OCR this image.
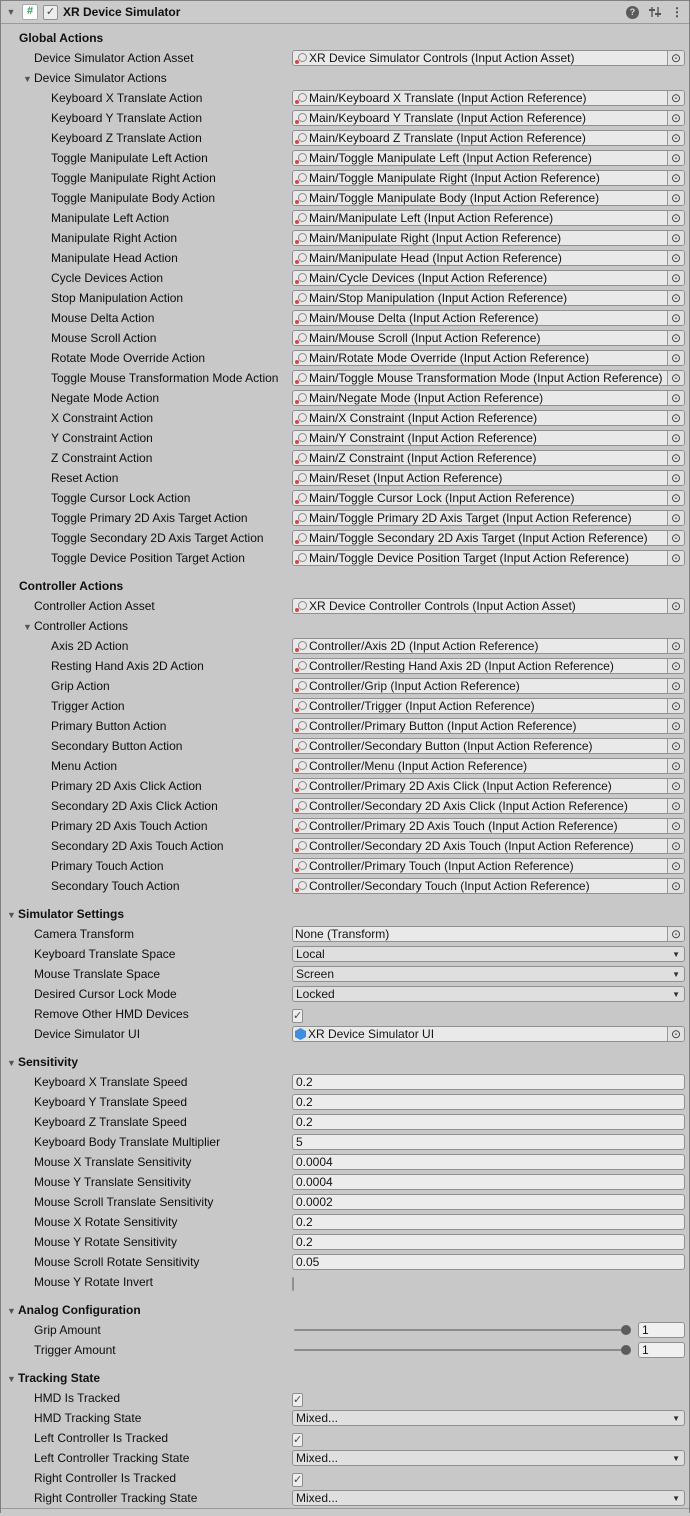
▼	#	✓ XR Device Simulator	?	⋮
Global Actions
Device Simulator Action Asset	XR Device Simulator Controls (Input Action Asset)	⊙
▼ Device Simulator Actions
Keyboard X Translate Action	Main/Keyboard X Translate (Input Action Reference)	⊙
Keyboard Y Translate Action	Main/Keyboard Y Translate (Input Action Reference)	⊙
Keyboard Z Translate Action	Main/Keyboard Z Translate (Input Action Reference)	⊙
Toggle Manipulate Left Action	Main/Toggle Manipulate Left (Input Action Reference)	⊙
Toggle Manipulate Right Action	Main/Toggle Manipulate Right (Input Action Reference)	⊙
Toggle Manipulate Body Action	Main/Toggle Manipulate Body (Input Action Reference)	⊙
Manipulate Left Action	Main/Manipulate Left (Input Action Reference)	⊙
Manipulate Right Action	Main/Manipulate Right (Input Action Reference)	⊙
Manipulate Head Action	Main/Manipulate Head (Input Action Reference)	⊙
Cycle Devices Action	Main/Cycle Devices (Input Action Reference)	⊙
Stop Manipulation Action	Main/Stop Manipulation (Input Action Reference)	⊙
Mouse Delta Action	Main/Mouse Delta (Input Action Reference)	⊙
Mouse Scroll Action	Main/Mouse Scroll (Input Action Reference)	⊙
Rotate Mode Override Action	Main/Rotate Mode Override (Input Action Reference)	⊙
Toggle Mouse Transformation Mode Action	Main/Toggle Mouse Transformation Mode (Input Action Reference) ⊙
Negate Mode Action	Main/Negate Mode (Input Action Reference)	⊙
X Constraint Action	Main/X Constraint (Input Action Reference)	⊙
Y Constraint Action	Main/Y Constraint (Input Action Reference)	⊙
Z Constraint Action	Main/Z Constraint (Input Action Reference)	⊙
Reset Action	Main/Reset (Input Action Reference)	⊙
Toggle Cursor Lock Action	Main/Toggle Cursor Lock (Input Action Reference)	⊙
Toggle Primary 2D Axis Target Action	Main/Toggle Primary 2D Axis Target (Input Action Reference)	⊙
Toggle Secondary 2D Axis Target Action	Main/Toggle Secondary 2D Axis Target (Input Action Reference)	⊙
Toggle Device Position Target Action	Main/Toggle Device Position Target (Input Action Reference)	⊙
Controller Actions
Controller Action Asset	XR Device Controller Controls (Input Action Asset)	⊙
▼ Controller Actions
Axis 2D Action	Controller/Axis 2D (Input Action Reference)	⊙
Resting Hand Axis 2D Action	Controller/Resting Hand Axis 2D (Input Action Reference)	⊙
Grip Action	Controller/Grip (Input Action Reference)	⊙
Trigger Action	Controller/Trigger (Input Action Reference)	⊙
Primary Button Action	Controller/Primary Button (Input Action Reference)	⊙
Secondary Button Action	Controller/Secondary Button (Input Action Reference)	⊙
Menu Action	Controller/Menu (Input Action Reference)	⊙
Primary 2D Axis Click Action	Controller/Primary 2D Axis Click (Input Action Reference)	⊙
Secondary 2D Axis Click Action	Controller/Secondary 2D Axis Click (Input Action Reference)	⊙
Primary 2D Axis Touch Action	Controller/Primary 2D Axis Touch (Input Action Reference)	⊙
Secondary 2D Axis Touch Action	Controller/Secondary 2D Axis Touch (Input Action Reference)	⊙
Primary Touch Action	Controller/Primary Touch (Input Action Reference)	⊙
Secondary Touch Action	Controller/Secondary Touch (Input Action Reference)	⊙
▼ Simulator Settings
Camera Transform	None (Transform)	⊙
Keyboard Translate Space	Local	▼
Mouse Translate Space	Screen	▼
Desired Cursor Lock Mode	Locked	▼
Remove Other HMD Devices	✓
Device Simulator UI	XR Device Simulator UI	⊙
▼ Sensitivity
Keyboard X Translate Speed	0.2
Keyboard Y Translate Speed	0.2
Keyboard Z Translate Speed	0.2
Keyboard Body Translate Multiplier	5
Mouse X Translate Sensitivity	0.0004
Mouse Y Translate Sensitivity	0.0004
Mouse Scroll Translate Sensitivity	0.0002
Mouse X Rotate Sensitivity	0.2
Mouse Y Rotate Sensitivity	0.2
Mouse Scroll Rotate Sensitivity	0.05
Mouse Y Rotate Invert
▼ Analog Configuration
Grip Amount	1
Trigger Amount	1
▼ Tracking State
HMD Is Tracked	✓
HMD Tracking State	Mixed...	▼
Left Controller Is Tracked	✓
Left Controller Tracking State	Mixed...	▼
Right Controller Is Tracked	✓
Right Controller Tracking State	Mixed...	▼
